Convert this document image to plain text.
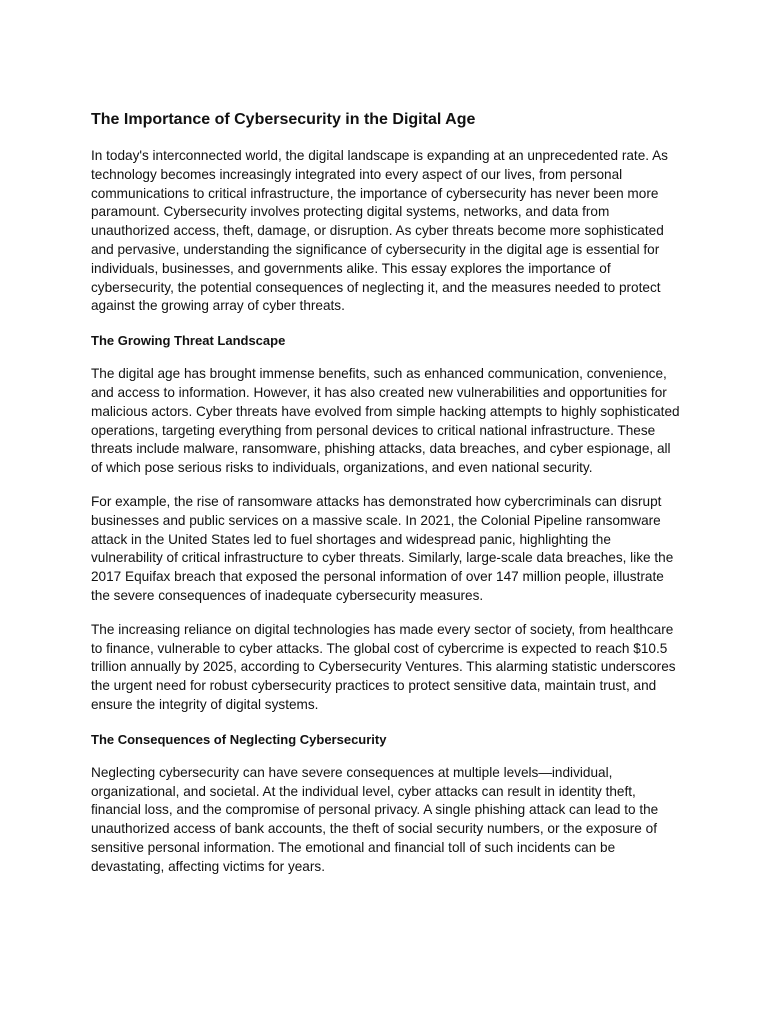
The Importance of Cybersecurity in the Digital Age

In today's interconnected world, the digital landscape is expanding at an unprecedented rate. As technology becomes increasingly integrated into every aspect of our lives, from personal communications to critical infrastructure, the importance of cybersecurity has never been more paramount. Cybersecurity involves protecting digital systems, networks, and data from unauthorized access, theft, damage, or disruption. As cyber threats become more sophisticated and pervasive, understanding the significance of cybersecurity in the digital age is essential for individuals, businesses, and governments alike. This essay explores the importance of cybersecurity, the potential consequences of neglecting it, and the measures needed to protect against the growing array of cyber threats.

The Growing Threat Landscape

The digital age has brought immense benefits, such as enhanced communication, convenience, and access to information. However, it has also created new vulnerabilities and opportunities for malicious actors. Cyber threats have evolved from simple hacking attempts to highly sophisticated operations, targeting everything from personal devices to critical national infrastructure. These threats include malware, ransomware, phishing attacks, data breaches, and cyber espionage, all of which pose serious risks to individuals, organizations, and even national security.

For example, the rise of ransomware attacks has demonstrated how cybercriminals can disrupt businesses and public services on a massive scale. In 2021, the Colonial Pipeline ransomware attack in the United States led to fuel shortages and widespread panic, highlighting the vulnerability of critical infrastructure to cyber threats. Similarly, large-scale data breaches, like the 2017 Equifax breach that exposed the personal information of over 147 million people, illustrate the severe consequences of inadequate cybersecurity measures.

The increasing reliance on digital technologies has made every sector of society, from healthcare to finance, vulnerable to cyber attacks. The global cost of cybercrime is expected to reach $10.5 trillion annually by 2025, according to Cybersecurity Ventures. This alarming statistic underscores the urgent need for robust cybersecurity practices to protect sensitive data, maintain trust, and ensure the integrity of digital systems.

The Consequences of Neglecting Cybersecurity

Neglecting cybersecurity can have severe consequences at multiple levels—individual, organizational, and societal. At the individual level, cyber attacks can result in identity theft, financial loss, and the compromise of personal privacy. A single phishing attack can lead to the unauthorized access of bank accounts, the theft of social security numbers, or the exposure of sensitive personal information. The emotional and financial toll of such incidents can be devastating, affecting victims for years.
